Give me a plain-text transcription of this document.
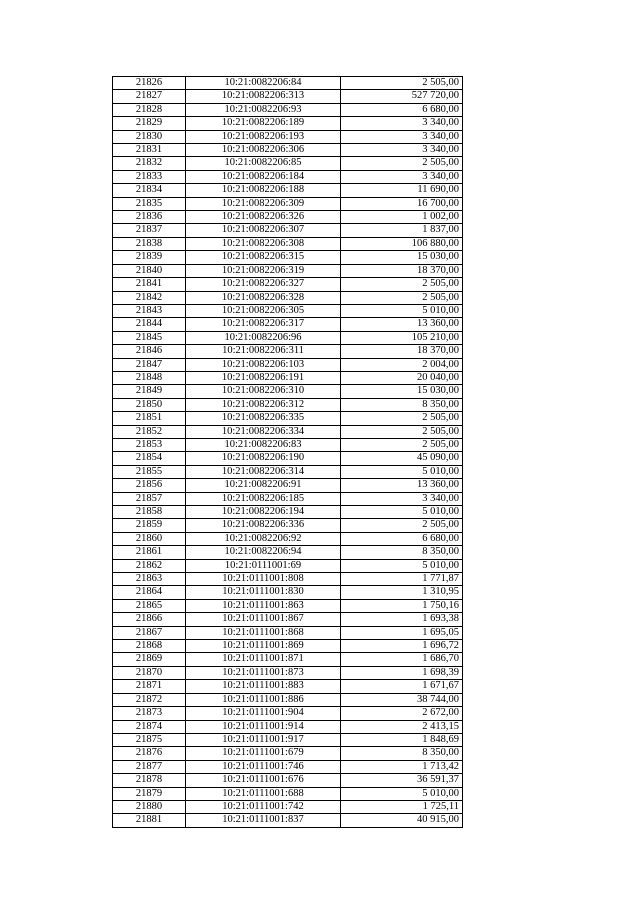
21826	10:21:0082206:84	2 505,00
21827	10:21:0082206:313	527 720,00
21828	10:21:0082206:93	6 680,00
21829	10:21:0082206:189	3 340,00
21830	10:21:0082206:193	3 340,00
21831	10:21:0082206:306	3 340,00
21832	10:21:0082206:85	2 505,00
21833	10:21:0082206:184	3 340,00
21834	10:21:0082206:188	11 690,00
21835	10:21:0082206:309	16 700,00
21836	10:21:0082206:326	1 002,00
21837	10:21:0082206:307	1 837,00
21838	10:21:0082206:308	106 880,00
21839	10:21:0082206:315	15 030,00
21840	10:21:0082206:319	18 370,00
21841	10:21:0082206:327	2 505,00
21842	10:21:0082206:328	2 505,00
21843	10:21:0082206:305	5 010,00
21844	10:21:0082206:317	13 360,00
21845	10:21:0082206:96	105 210,00
21846	10:21:0082206:311	18 370,00
21847	10:21:0082206:103	2 004,00
21848	10:21:0082206:191	20 040,00
21849	10:21:0082206:310	15 030,00
21850	10:21:0082206:312	8 350,00
21851	10:21:0082206:335	2 505,00
21852	10:21:0082206:334	2 505,00
21853	10:21:0082206:83	2 505,00
21854	10:21:0082206:190	45 090,00
21855	10:21:0082206:314	5 010,00
21856	10:21:0082206:91	13 360,00
21857	10:21:0082206:185	3 340,00
21858	10:21:0082206:194	5 010,00
21859	10:21:0082206:336	2 505,00
21860	10:21:0082206:92	6 680,00
21861	10:21:0082206:94	8 350,00
21862	10:21:0111001:69	5 010,00
21863	10:21:0111001:808	1 771,87
21864	10:21:0111001:830	1 310,95
21865	10:21:0111001:863	1 750,16
21866	10:21:0111001:867	1 693,38
21867	10:21:0111001:868	1 695,05
21868	10:21:0111001:869	1 696,72
21869	10:21:0111001:871	1 686,70
21870	10:21:0111001:873	1 698,39
21871	10:21:0111001:883	1 671,67
21872	10:21:0111001:886	38 744,00
21873	10:21:0111001:904	2 672,00
21874	10:21:0111001:914	2 413,15
21875	10:21:0111001:917	1 848,69
21876	10:21:0111001:679	8 350,00
21877	10:21:0111001:746	1 713,42
21878	10:21:0111001:676	36 591,37
21879	10:21:0111001:688	5 010,00
21880	10:21:0111001:742	1 725,11
21881	10:21:0111001:837	40 915,00
